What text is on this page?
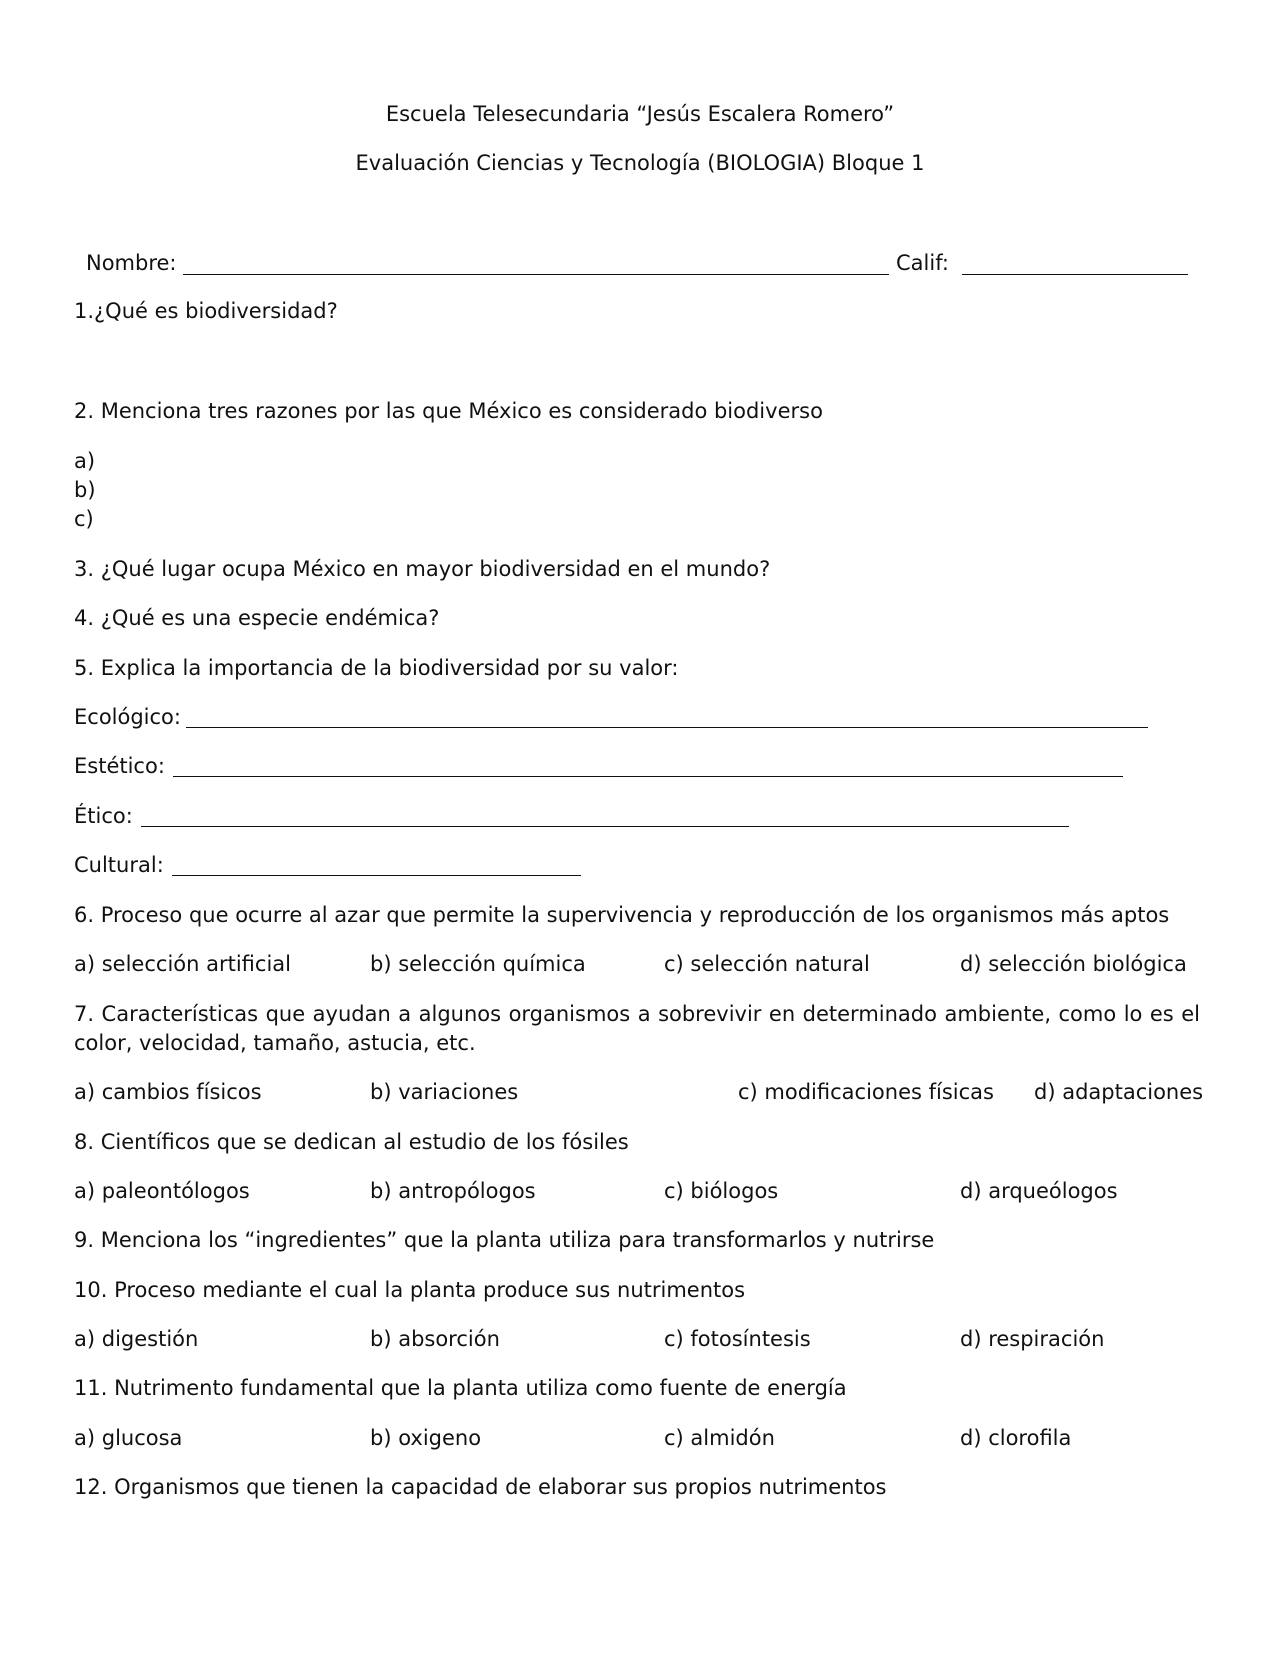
Escuela Telesecundaria “Jesús Escalera Romero”
Evaluación Ciencias y Tecnología (BIOLOGIA) Bloque 1
Nombre:	Calif:
1.¿Qué es biodiversidad?
2. Menciona tres razones por las que México es considerado biodiverso
a)
b)
c)
3. ¿Qué lugar ocupa México en mayor biodiversidad en el mundo?
4. ¿Qué es una especie endémica?
5. Explica la importancia de la biodiversidad por su valor:
Ecológico:
Estético:
Ético:
Cultural:
6. Proceso que ocurre al azar que permite la supervivencia y reproducción de los organismos más aptos
a) selección artificial	b) selección química	c) selección natural	d) selección biológica
7. Características que ayudan a algunos organismos a sobrevivir en determinado ambiente, como lo es el color, velocidad, tamaño, astucia, etc.
a) cambios físicos	b) variaciones	c) modificaciones físicas d) adaptaciones
8. Científicos que se dedican al estudio de los fósiles
a) paleontólogos	b) antropólogos	c) biólogos	d) arqueólogos
9. Menciona los “ingredientes” que la planta utiliza para transformarlos y nutrirse
10. Proceso mediante el cual la planta produce sus nutrimentos
a) digestión	b) absorción	c) fotosíntesis	d) respiración
11. Nutrimento fundamental que la planta utiliza como fuente de energía
a) glucosa	b) oxigeno	c) almidón	d) clorofila
12. Organismos que tienen la capacidad de elaborar sus propios nutrimentos
